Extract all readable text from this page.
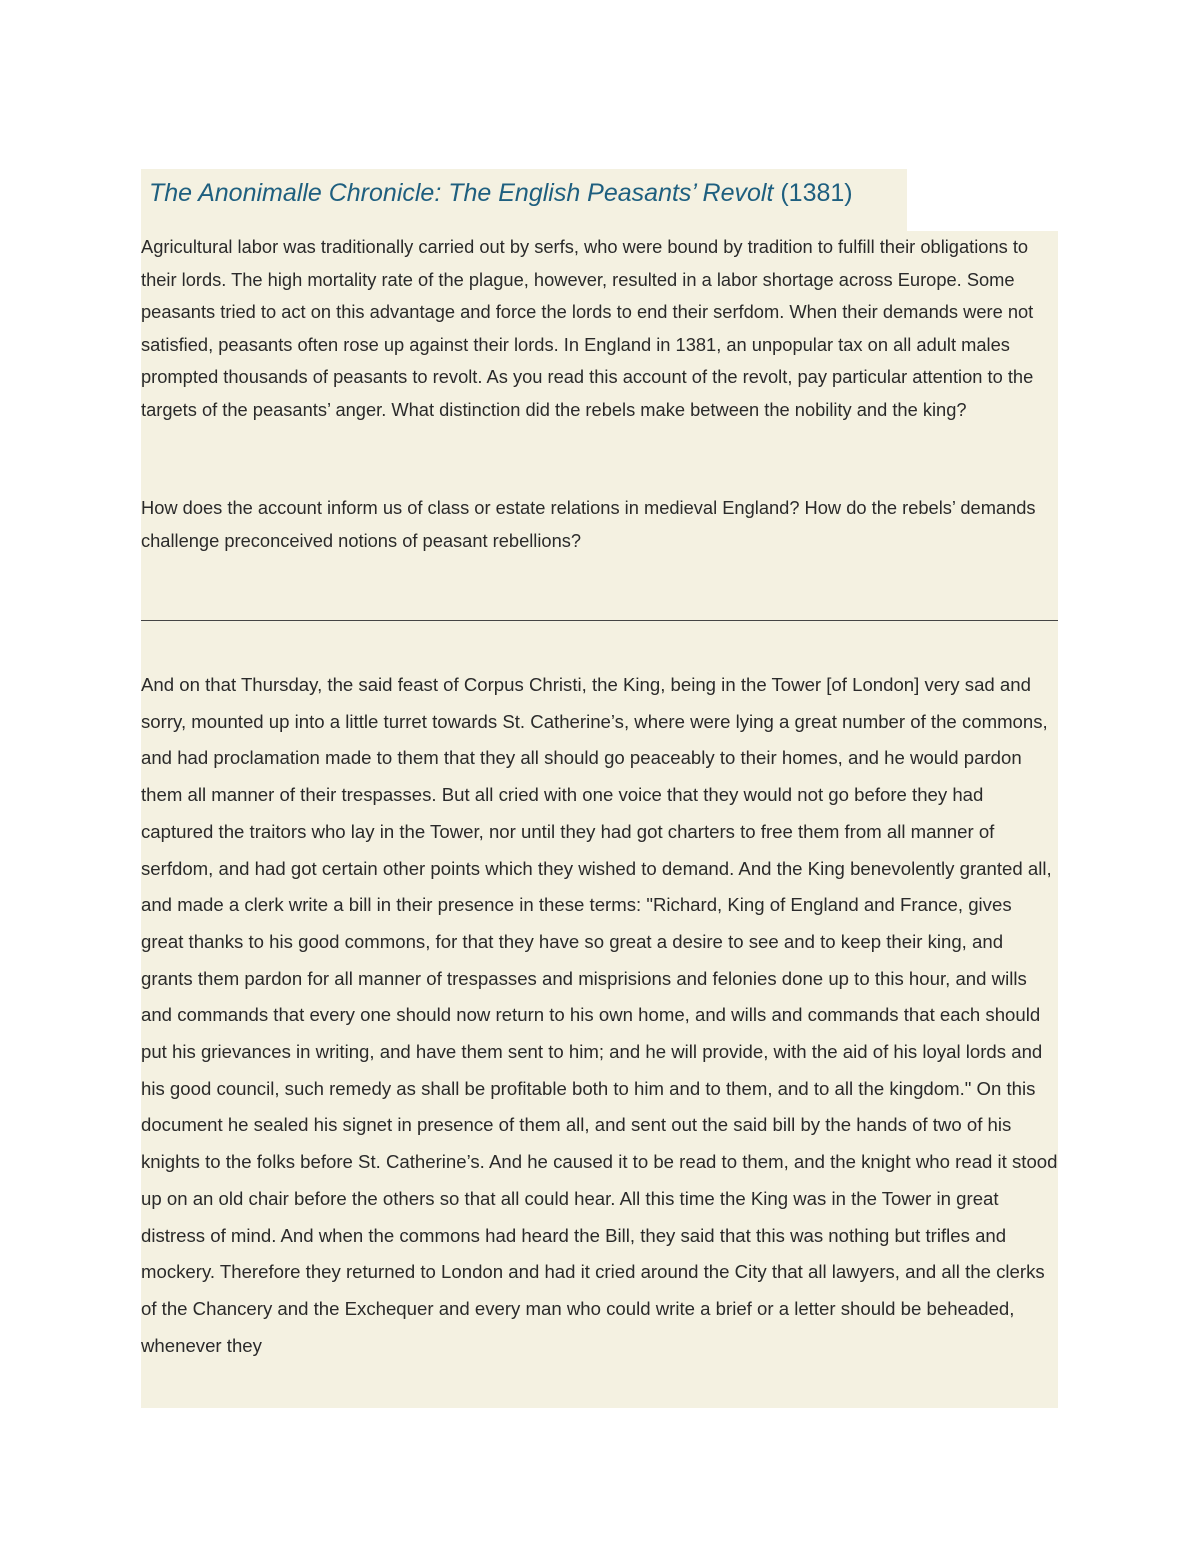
The Anonimalle Chronicle: The English Peasants’ Revolt (1381)

Agricultural labor was traditionally carried out by serfs, who were bound by tradition to fulfill their obligations to their lords. The high mortality rate of the plague, however, resulted in a labor shortage across Europe. Some peasants tried to act on this advantage and force the lords to end their serfdom. When their demands were not satisfied, peasants often rose up against their lords. In England in 1381, an unpopular tax on all adult males prompted thousands of peasants to revolt. As you read this account of the revolt, pay particular attention to the targets of the peasants’ anger. What distinction did the rebels make between the nobility and the king?

How does the account inform us of class or estate relations in medieval England? How do the rebels’ demands challenge preconceived notions of peasant rebellions?

And on that Thursday, the said feast of Corpus Christi, the King, being in the Tower [of London] very sad and sorry, mounted up into a little turret towards St. Catherine’s, where were lying a great number of the commons, and had proclamation made to them that they all should go peaceably to their homes, and he would pardon them all manner of their trespasses. But all cried with one voice that they would not go before they had captured the traitors who lay in the Tower, nor until they had got charters to free them from all manner of serfdom, and had got certain other points which they wished to demand. And the King benevolently granted all, and made a clerk write a bill in their presence in these terms: "Richard, King of England and France, gives great thanks to his good commons, for that they have so great a desire to see and to keep their king, and grants them pardon for all manner of trespasses and misprisions and felonies done up to this hour, and wills and commands that every one should now return to his own home, and wills and commands that each should put his grievances in writing, and have them sent to him; and he will provide, with the aid of his loyal lords and his good council, such remedy as shall be profitable both to him and to them, and to all the kingdom." On this document he sealed his signet in presence of them all, and sent out the said bill by the hands of two of his knights to the folks before St. Catherine’s. And he caused it to be read to them, and the knight who read it stood up on an old chair before the others so that all could hear. All this time the King was in the Tower in great distress of mind. And when the commons had heard the Bill, they said that this was nothing but trifles and mockery. Therefore they returned to London and had it cried around the City that all lawyers, and all the clerks of the Chancery and the Exchequer and every man who could write a brief or a letter should be beheaded, whenever they
